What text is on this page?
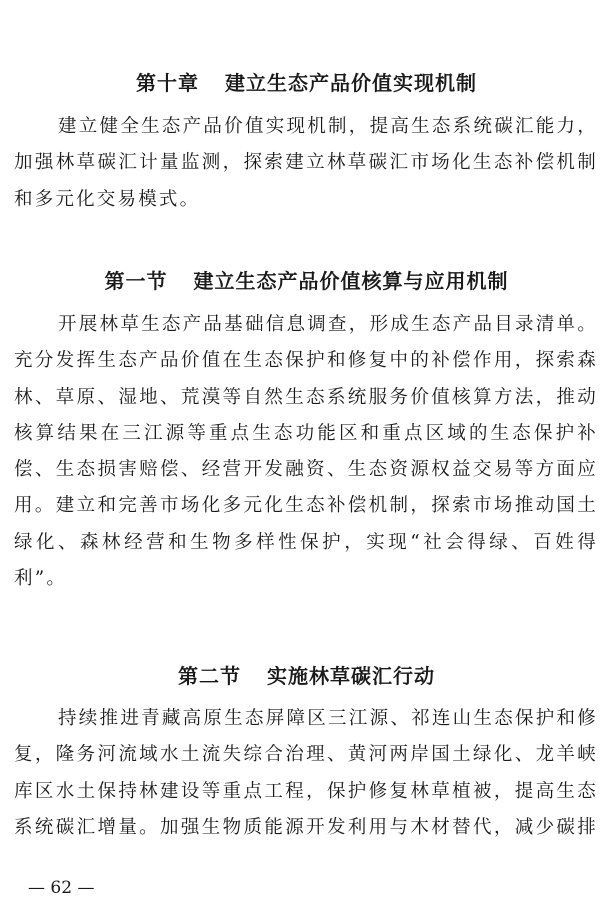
第十章 建立生态产品价值实现机制

建立健全生态产品价值实现机制，提高生态系统碳汇能力，加强林草碳汇计量监测，探索建立林草碳汇市场化生态补偿机制和多元化交易模式。

第一节 建立生态产品价值核算与应用机制

开展林草生态产品基础信息调查，形成生态产品目录清单。充分发挥生态产品价值在生态保护和修复中的补偿作用，探索森林、草原、湿地、荒漠等自然生态系统服务价值核算方法，推动核算结果在三江源等重点生态功能区和重点区域的生态保护补偿、生态损害赔偿、经营开发融资、生态资源权益交易等方面应用。建立和完善市场化多元化生态补偿机制，探索市场推动国土绿化、森林经营和生物多样性保护，实现“社会得绿、百姓得利”。

第二节 实施林草碳汇行动

持续推进青藏高原生态屏障区三江源、祁连山生态保护和修复，隆务河流域水土流失综合治理、黄河两岸国土绿化、龙羊峡库区水土保持林建设等重点工程，保护修复林草植被，提高生态系统碳汇增量。加强生物质能源开发利用与木材替代，减少碳排

— 62 —
